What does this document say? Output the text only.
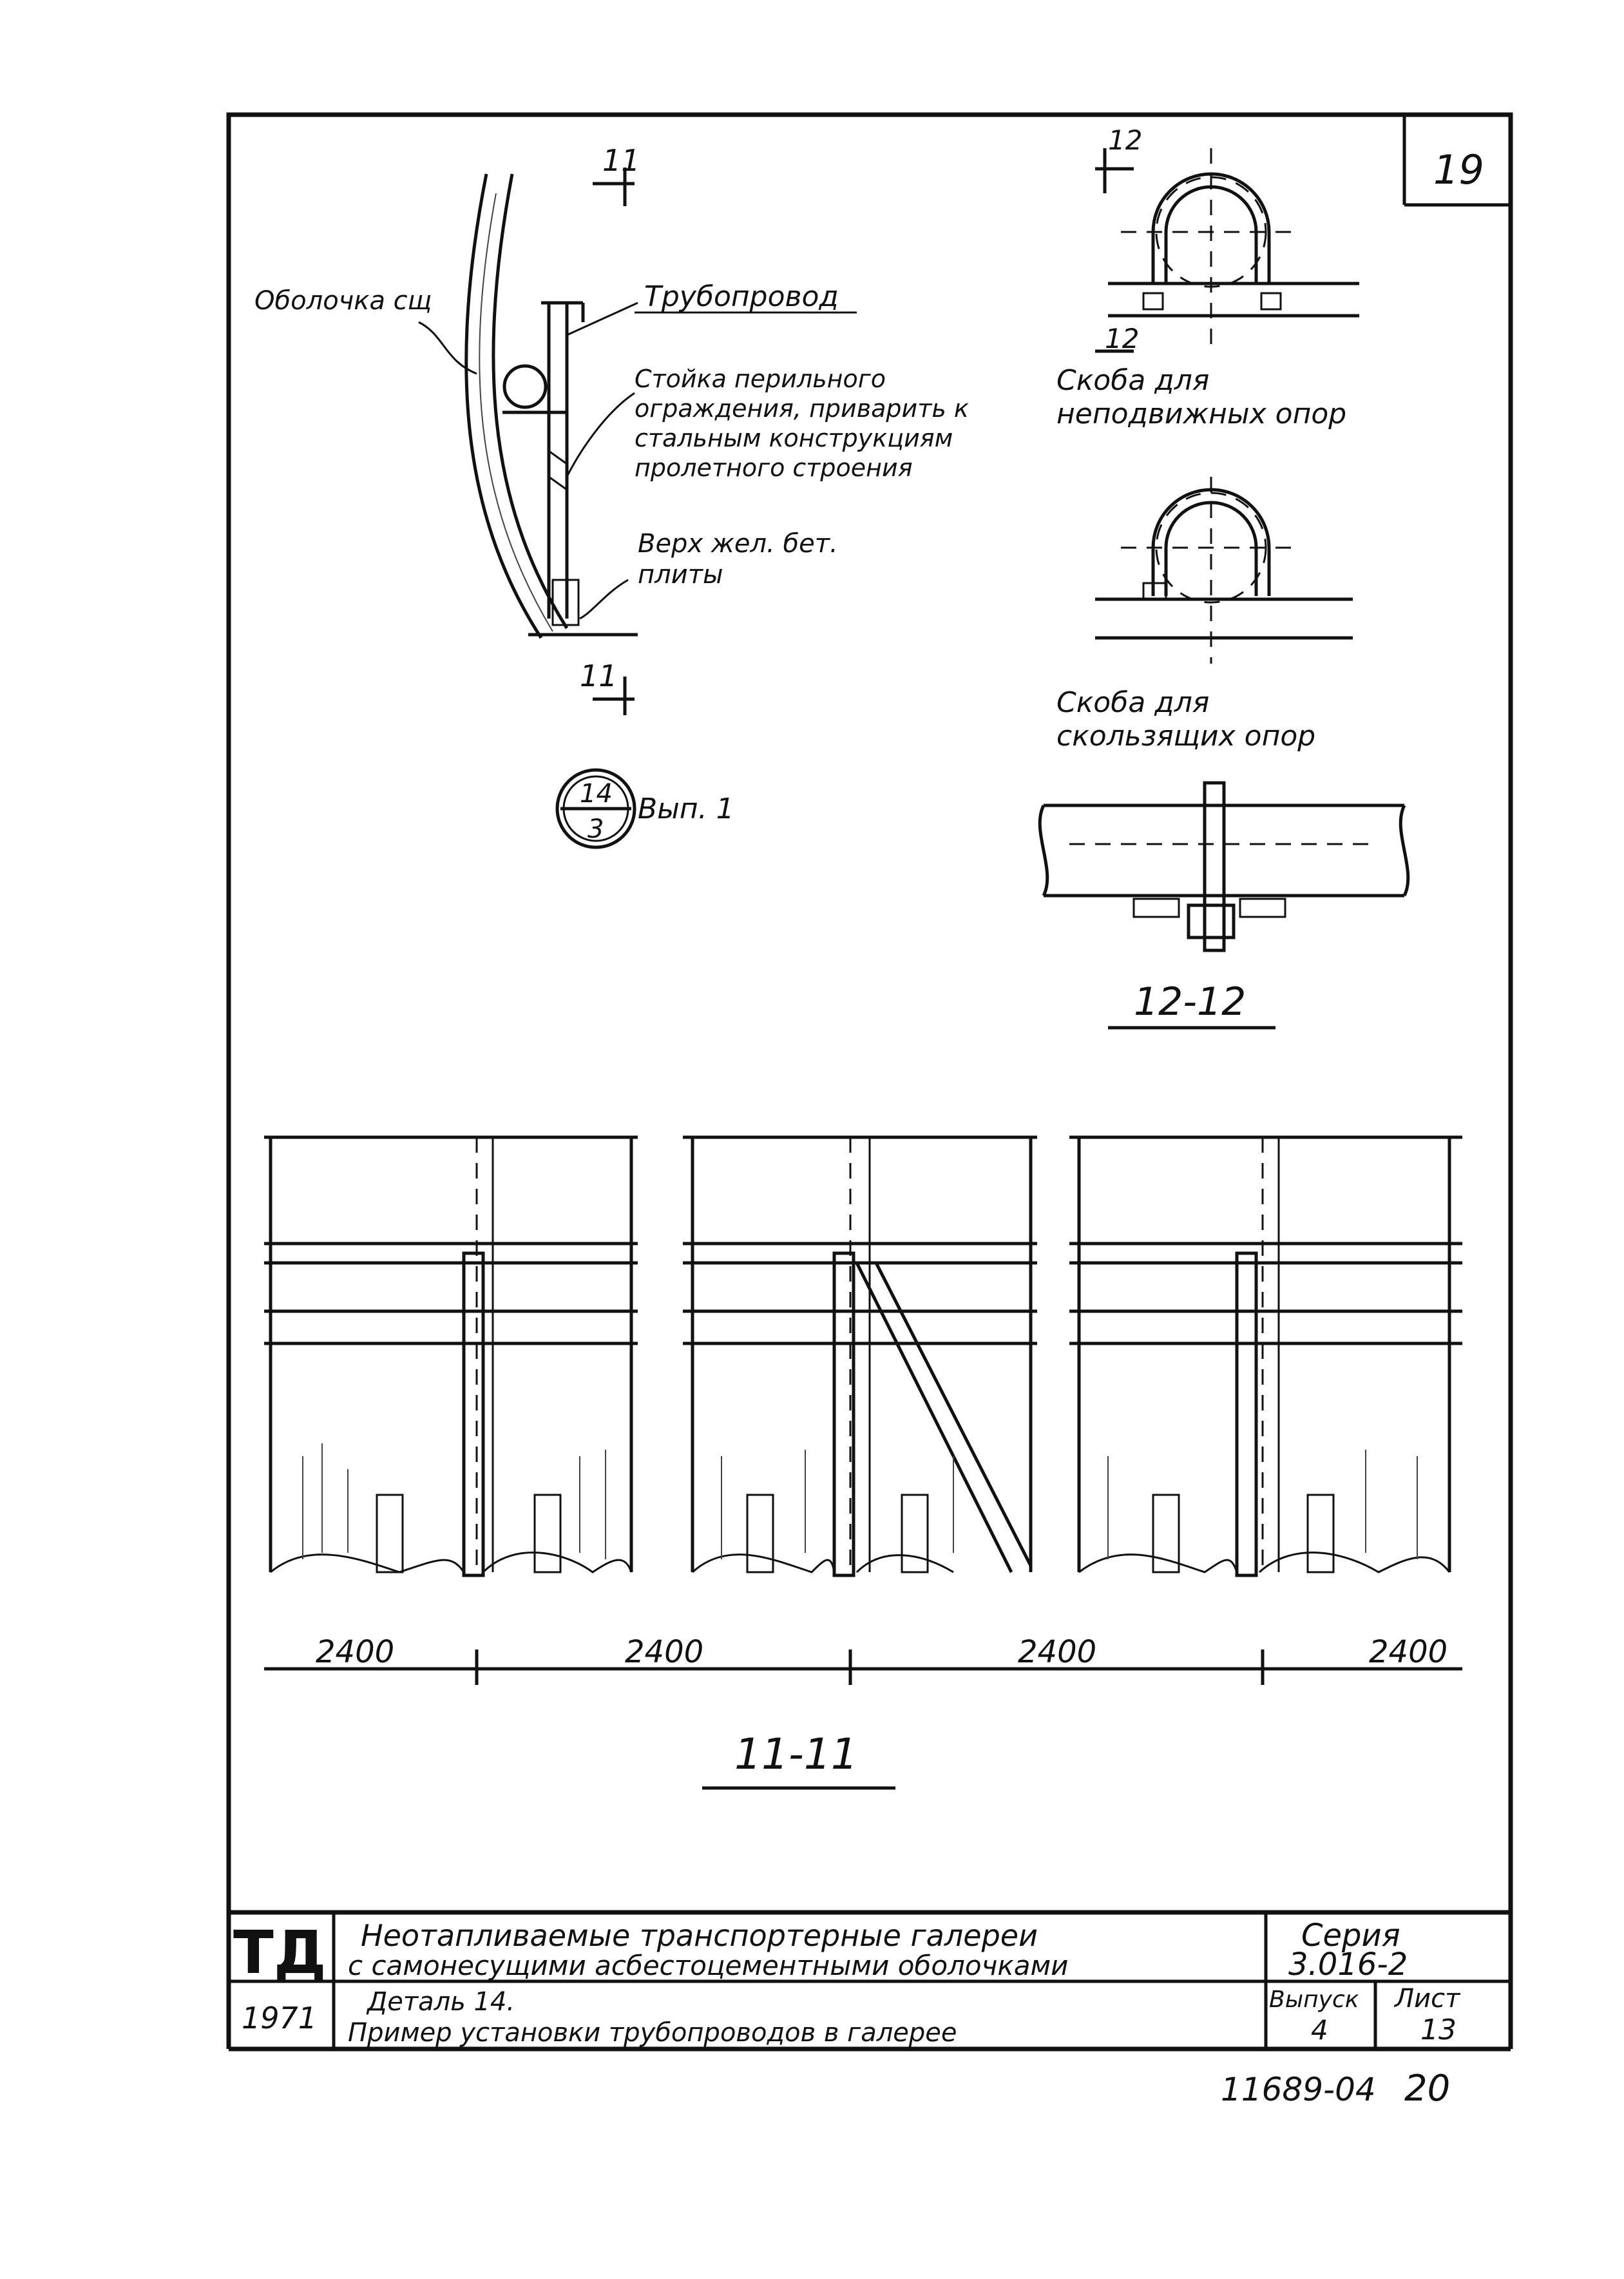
19
11
11
Оболочка сщ	Трубопровод
Стойка перильного ограждения, приварить к стальным конструкциям пролетного строения
Верх жел. бет. плиты
14
3
Вып. 1
12
12
Скоба для неподвижных опор
Скоба для скользящих опор
12-12
2400	2400	2400	2400
11-11
ТД
1971
Неотапливаемые транспортерные галереи
с самонесущими асбестоцементными оболочками
Деталь 14.
Пример установки трубопроводов в галерее
Серия
3.016-2
Выпуск
4
Лист
13
11689-04 20
